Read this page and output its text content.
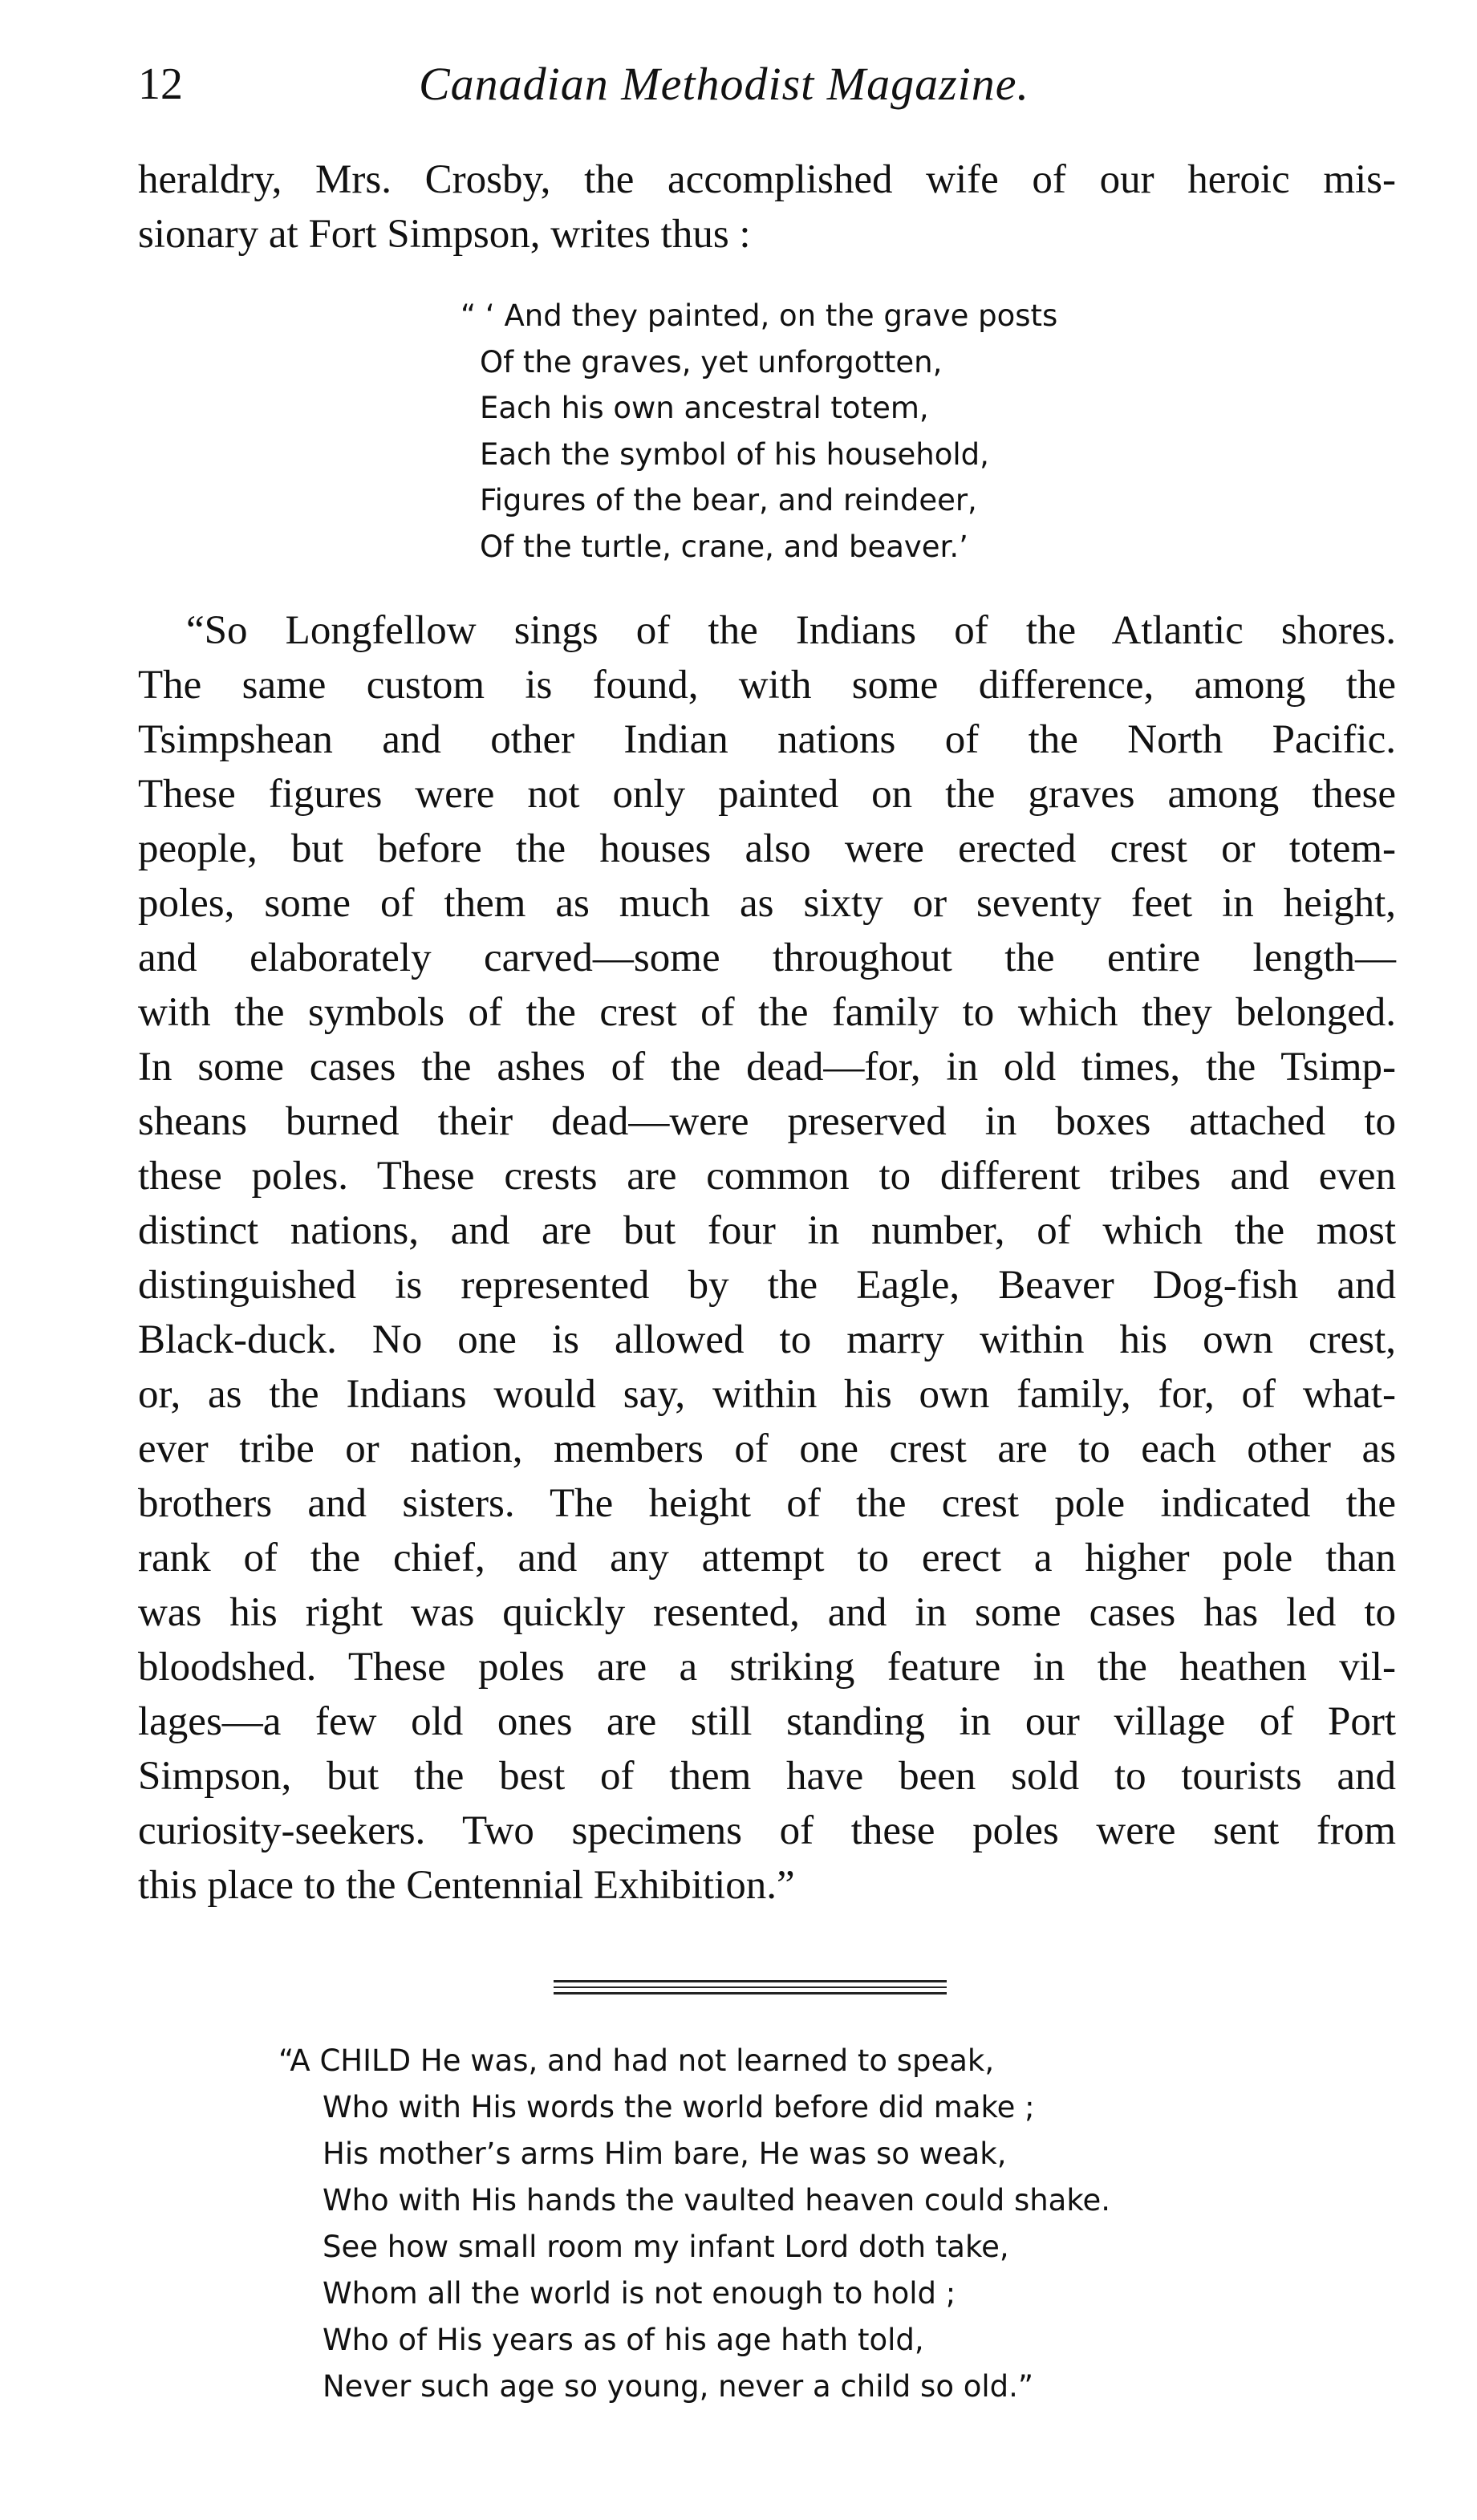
12	Canadian Methodist Magazine.
heraldry, Mrs. Crosby, the accomplished wife of our heroic mis-
sionary at Fort Simpson, writes thus :
“ ‘ And they painted, on the grave posts
Of the graves, yet unforgotten,
Each his own ancestral totem,
Each the symbol of his household,
Figures of the bear, and reindeer,
Of the turtle, crane, and beaver.’
“So Longfellow sings of the Indians of the Atlantic shores.
The same custom is found, with some difference, among the
Tsimpshean and other Indian nations of the North Pacific.
These figures were not only painted on the graves among these
people, but before the houses also were erected crest or totem-
poles, some of them as much as sixty or seventy feet in height,
and elaborately carved—some throughout the entire length—
with the symbols of the crest of the family to which they belonged.
In some cases the ashes of the dead—for, in old times, the Tsimp-
sheans burned their dead—were preserved in boxes attached to
these poles. These crests are common to different tribes and even
distinct nations, and are but four in number, of which the most
distinguished is represented by the Eagle, Beaver Dog-fish and
Black-duck. No one is allowed to marry within his own crest,
or, as the Indians would say, within his own family, for, of what-
ever tribe or nation, members of one crest are to each other as
brothers and sisters. The height of the crest pole indicated the
rank of the chief, and any attempt to erect a higher pole than
was his right was quickly resented, and in some cases has led to
bloodshed. These poles are a striking feature in the heathen vil-
lages—a few old ones are still standing in our village of Port
Simpson, but the best of them have been sold to tourists and
curiosity-seekers. Two specimens of these poles were sent from
this place to the Centennial Exhibition.”
“A CHILD He was, and had not learned to speak,
Who with His words the world before did make ;
His mother’s arms Him bare, He was so weak,
Who with His hands the vaulted heaven could shake.
See how small room my infant Lord doth take,
Whom all the world is not enough to hold ;
Who of His years as of his age hath told,
Never such age so young, never a child so old.”
